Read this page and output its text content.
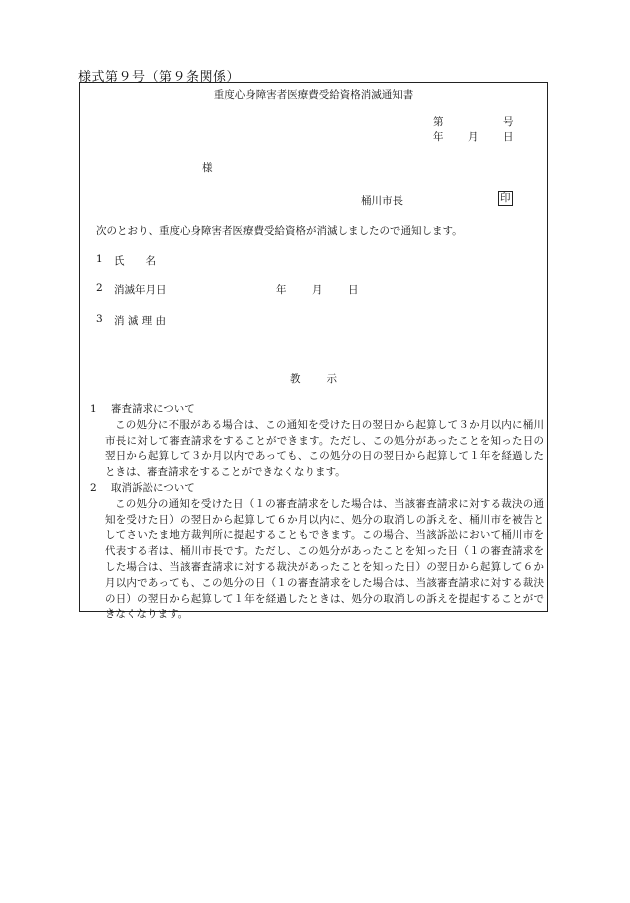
様式第９号（第９条関係）
重度心身障害者医療費受給資格消滅通知書
第	号
年 月 日
様
桶川市長	印
次のとおり、重度心身障害者医療費受給資格が消滅しましたので通知します。
1 氏　　名
2 消滅年月日	年 月 日
3 消 滅 理 由
教示
1 審査請求について
この処分に不服がある場合は、この通知を受けた日の翌日から起算して３か月以内に桶川市長に対して審査請求をすることができます。ただし、この処分があったことを知った日の翌日から起算して３か月以内であっても、この処分の日の翌日から起算して１年を経過したときは、審査請求をすることができなくなります。
2 取消訴訟について
この処分の通知を受けた日（１の審査請求をした場合は、当該審査請求に対する裁決の通知を受けた日）の翌日から起算して６か月以内に、処分の取消しの訴えを、桶川市を被告としてさいたま地方裁判所に提起することもできます。この場合、当該訴訟において桶川市を代表する者は、桶川市長です。ただし、この処分があったことを知った日（１の審査請求をした場合は、当該審査請求に対する裁決があったことを知った日）の翌日から起算して６か月以内であっても、この処分の日（１の審査請求をした場合は、当該審査請求に対する裁決の日）の翌日から起算して１年を経過したときは、処分の取消しの訴えを提起することができなくなります。
